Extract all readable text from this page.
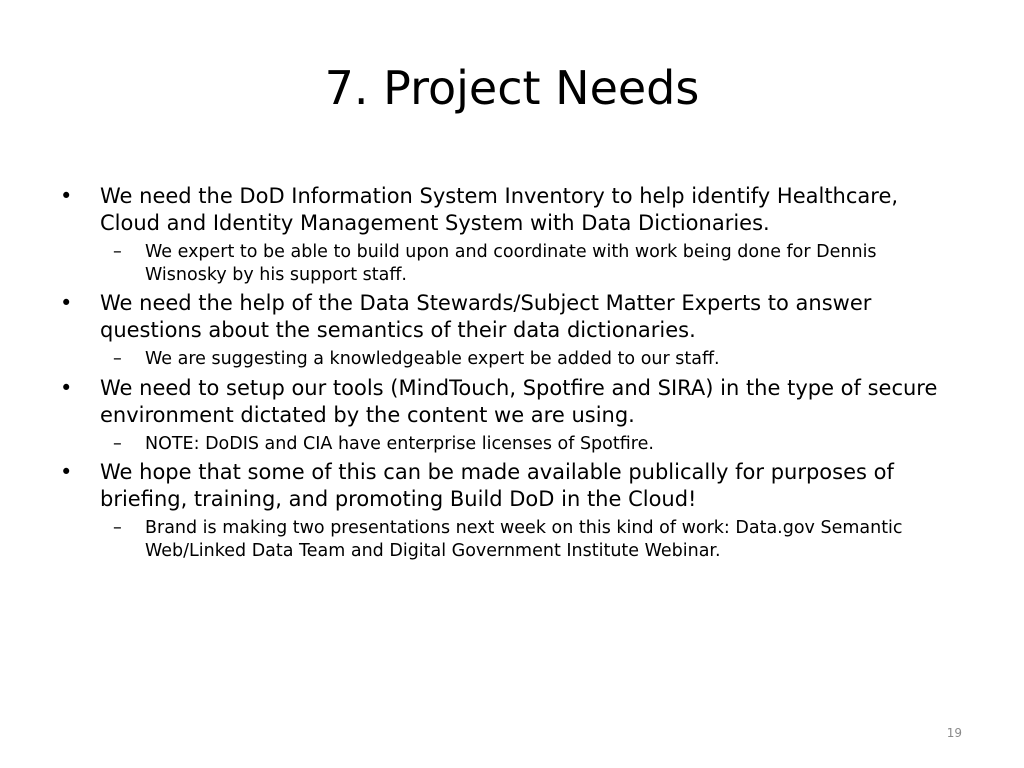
7. Project Needs
•	We need the DoD Information System Inventory to help identify Healthcare, Cloud and Identity Management System with Data Dictionaries.
– We expert to be able to build upon and coordinate with work being done for Dennis Wisnosky by his support staff.
•	We need the help of the Data Stewards/Subject Matter Experts to answer questions about the semantics of their data dictionaries.
– We are suggesting a knowledgeable expert be added to our staff.
•	We need to setup our tools (MindTouch, Spotfire and SIRA) in the type of secure environment dictated by the content we are using.
– NOTE: DoDIS and CIA have enterprise licenses of Spotfire.
•	We hope that some of this can be made available publically for purposes of briefing, training, and promoting Build DoD in the Cloud!
– Brand is making two presentations next week on this kind of work: Data.gov Semantic Web/Linked Data Team and Digital Government Institute Webinar.
19
